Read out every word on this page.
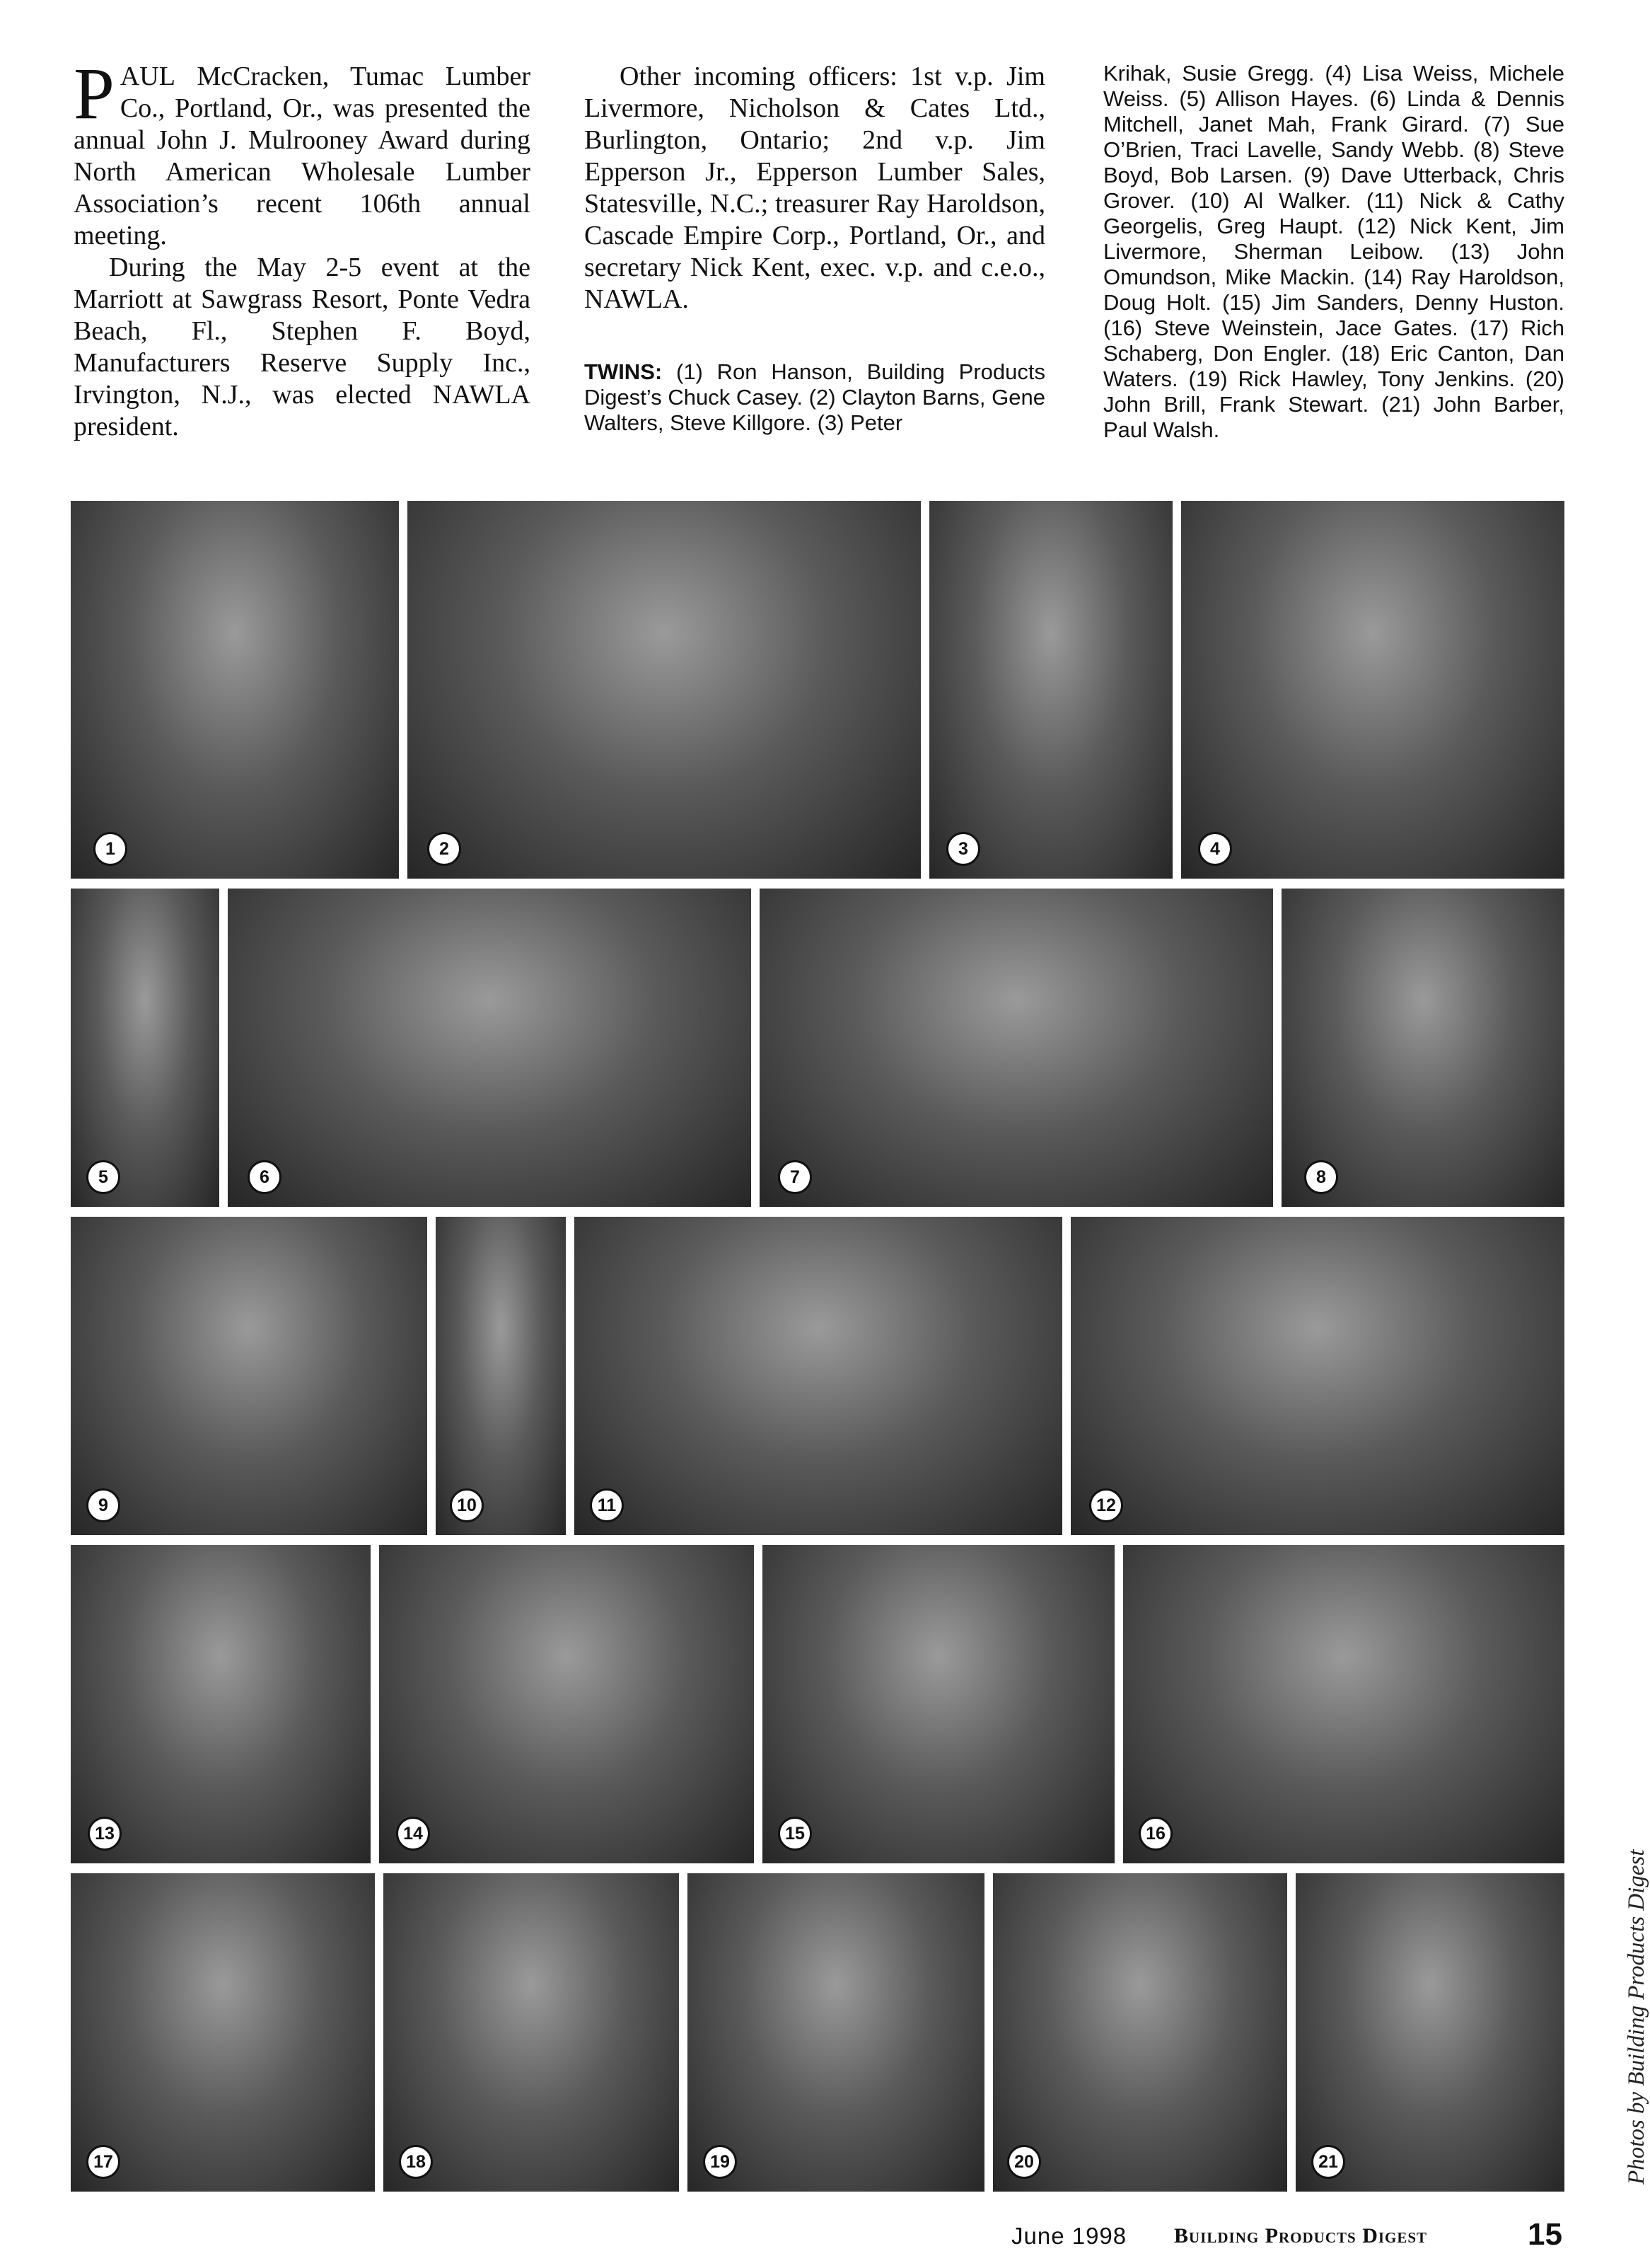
PAUL McCracken, Tumac Lumber Co., Portland, Or., was presented the annual John J. Mulrooney Award during North American Wholesale Lumber Association’s recent 106th annual meeting.

During the May 2-5 event at the Marriott at Sawgrass Resort, Ponte Vedra Beach, Fl., Stephen F. Boyd, Manufacturers Reserve Supply Inc., Irvington, N.J., was elected NAWLA president.

Other incoming officers: 1st v.p. Jim Livermore, Nicholson & Cates Ltd., Burlington, Ontario; 2nd v.p. Jim Epperson Jr., Epperson Lumber Sales, Statesville, N.C.; treasurer Ray Haroldson, Cascade Empire Corp., Portland, Or., and secretary Nick Kent, exec. v.p. and c.e.o., NAWLA.

TWINS: (1) Ron Hanson, Building Products Digest’s Chuck Casey. (2) Clayton Barns, Gene Walters, Steve Killgore. (3) Peter

Krihak, Susie Gregg. (4) Lisa Weiss, Michele Weiss. (5) Allison Hayes. (6) Linda & Dennis Mitchell, Janet Mah, Frank Girard. (7) Sue O’Brien, Traci Lavelle, Sandy Webb. (8) Steve Boyd, Bob Larsen. (9) Dave Utterback, Chris Grover. (10) Al Walker. (11) Nick & Cathy Georgelis, Greg Haupt. (12) Nick Kent, Jim Livermore, Sherman Leibow. (13) John Omundson, Mike Mackin. (14) Ray Haroldson, Doug Holt. (15) Jim Sanders, Denny Huston. (16) Steve Weinstein, Jace Gates. (17) Rich Schaberg, Don Engler. (18) Eric Canton, Dan Waters. (19) Rick Hawley, Tony Jenkins. (20) John Brill, Frank Stewart. (21) John Barber, Paul Walsh.

1	2	3	4
5	6	7	8
9	10	11	12
13	14	15	16
17	18	19	20	21	Photos by Building Products Digest
June 1998 Building Products Digest	15
